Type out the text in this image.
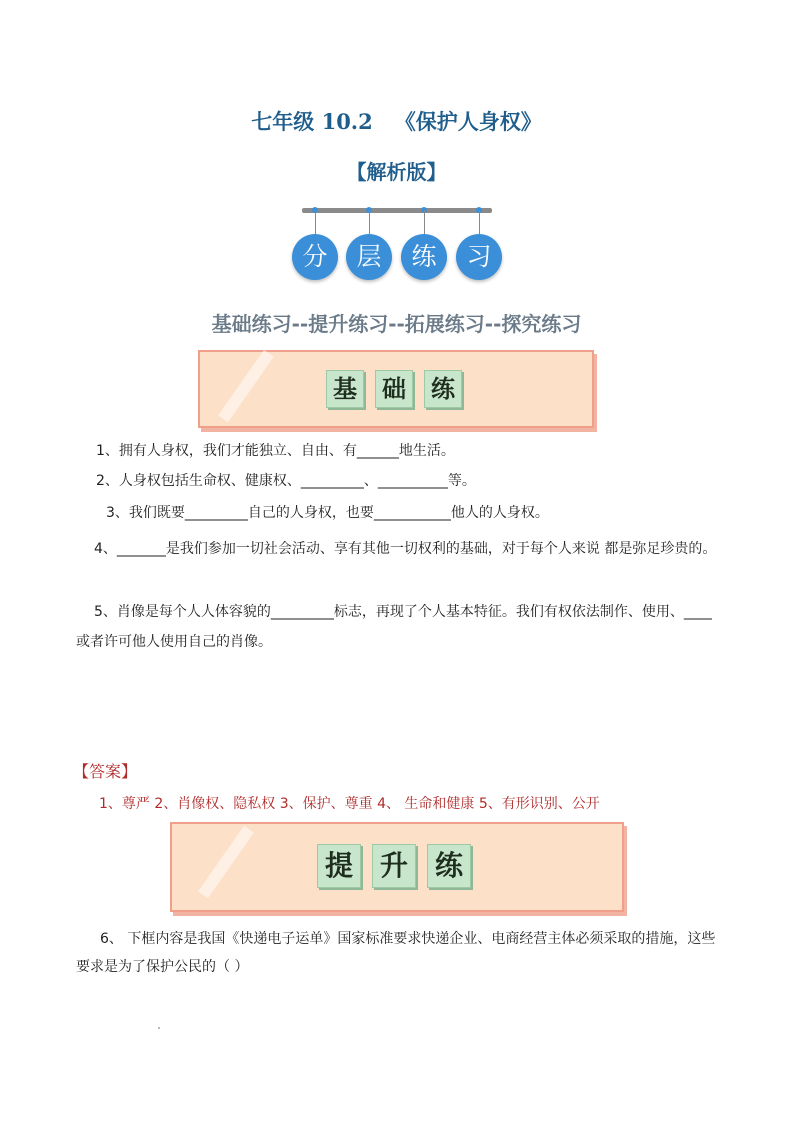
七年级 10.2 《保护人身权》
【解析版】
分	层	练	习
基础练习--提升练习--拓展练习--探究练习
基 础 练
1、拥有人身权，我们才能独立、自由、有______地生活。
2、人身权包括生命权、健康权、_________、__________等。
3、我们既要_________自己的人身权，也要___________他人的人身权。
4、_______是我们参加一切社会活动、享有其他一切权利的基础，对于每个人来说 都是弥足珍贵的。
5、肖像是每个人人体容貌的_________标志，再现了个人基本特征。我们有权依法制作、使用、____或者许可他人使用自己的肖像。
【答案】
1、尊严 2、肖像权、隐私权 3、保护、尊重 4、 生命和健康 5、有形识别、公开
提 升 练
6、 下框内容是我国《快递电子运单》国家标准要求快递企业、电商经营主体必须采取的措施，这些要求是为了保护公民的（ ）
